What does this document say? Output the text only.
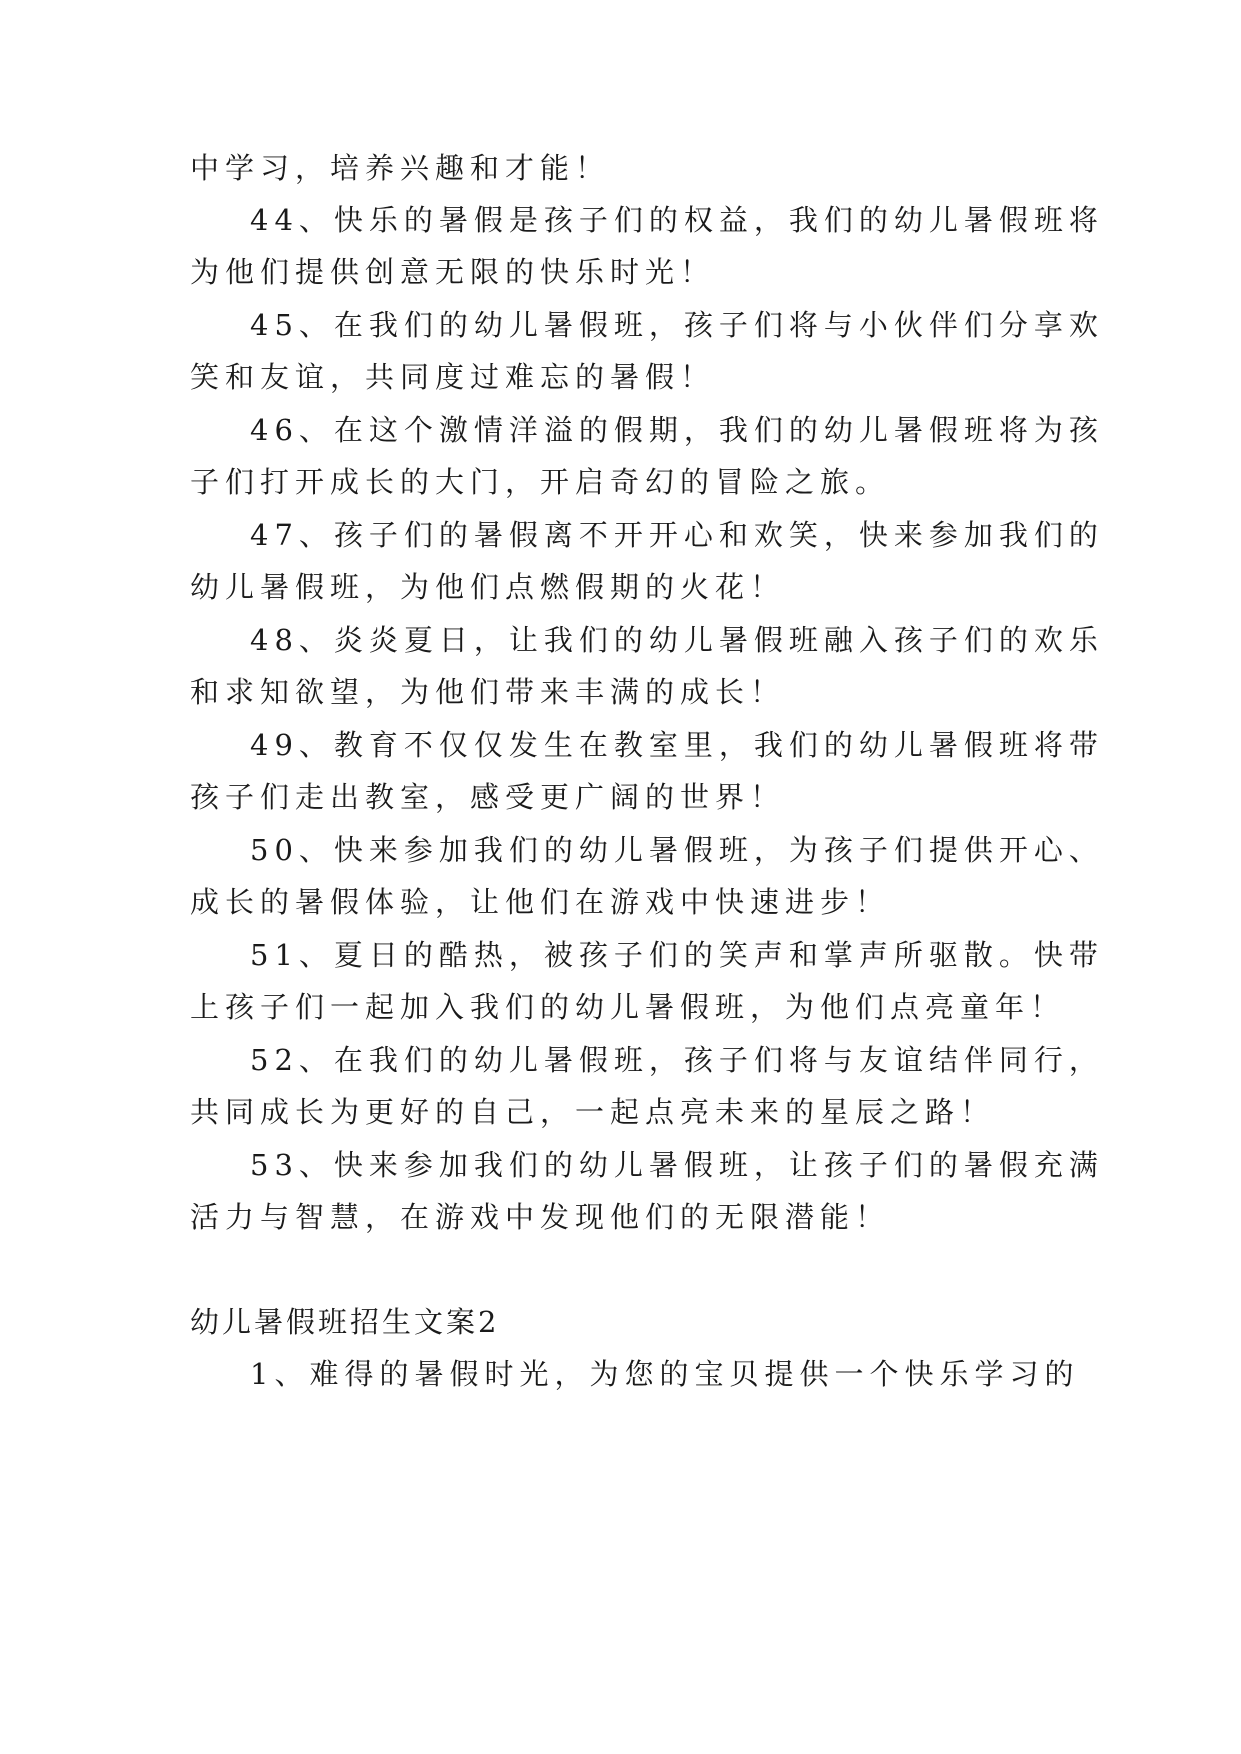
中学习，培养兴趣和才能！
44、快乐的暑假是孩子们的权益，我们的幼儿暑假班将
为他们提供创意无限的快乐时光！
45、在我们的幼儿暑假班，孩子们将与小伙伴们分享欢
笑和友谊，共同度过难忘的暑假！
46、在这个激情洋溢的假期，我们的幼儿暑假班将为孩
子们打开成长的大门，开启奇幻的冒险之旅。
47、孩子们的暑假离不开开心和欢笑，快来参加我们的
幼儿暑假班，为他们点燃假期的火花！
48、炎炎夏日，让我们的幼儿暑假班融入孩子们的欢乐
和求知欲望，为他们带来丰满的成长！
49、教育不仅仅发生在教室里，我们的幼儿暑假班将带
孩子们走出教室，感受更广阔的世界！
50、快来参加我们的幼儿暑假班，为孩子们提供开心、
成长的暑假体验，让他们在游戏中快速进步！
51、夏日的酷热，被孩子们的笑声和掌声所驱散。快带
上孩子们一起加入我们的幼儿暑假班，为他们点亮童年！
52、在我们的幼儿暑假班，孩子们将与友谊结伴同行，
共同成长为更好的自己，一起点亮未来的星辰之路！
53、快来参加我们的幼儿暑假班，让孩子们的暑假充满
活力与智慧，在游戏中发现他们的无限潜能！
幼儿暑假班招生文案2
1、难得的暑假时光，为您的宝贝提供一个快乐学习的
